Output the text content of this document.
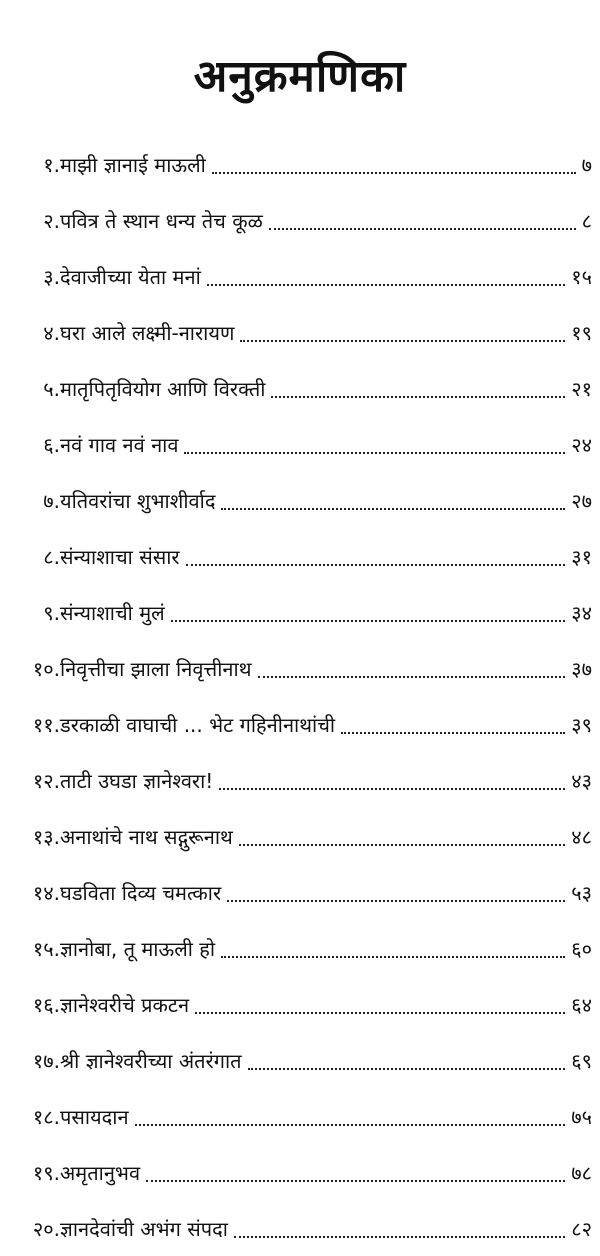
अनुक्रमणिका
१. माझी ज्ञानाई माऊली	७
२. पवित्र ते स्थान धन्य तेच कूळ	८
३. देवाजीच्या येता मनां	१५
४. घरा आले लक्ष्मी-नारायण	१९
५. मातृपितृवियोग आणि विरक्ती	२१
६. नवं गाव नवं नाव	२४
७. यतिवरांचा शुभाशीर्वाद	२७
८. संन्याशाचा संसार	३१
९. संन्याशाची मुलं	३४
१०. निवृत्तीचा झाला निवृत्तीनाथ	३७
११. डरकाळी वाघाची ... भेट गहिनीनाथांची	३९
१२. ताटी उघडा ज्ञानेश्वरा!	४३
१३. अनाथांचे नाथ सद्गुरूनाथ	४८
१४. घडविता दिव्य चमत्कार	५३
१५. ज्ञानोबा, तू माऊली हो	६०
१६. ज्ञानेश्वरीचे प्रकटन	६४
१७. श्री ज्ञानेश्वरीच्या अंतरंगात	६९
१८. पसायदान	७५
१९. अमृतानुभव	७८
२०. ज्ञानदेवांची अभंग संपदा	८२
